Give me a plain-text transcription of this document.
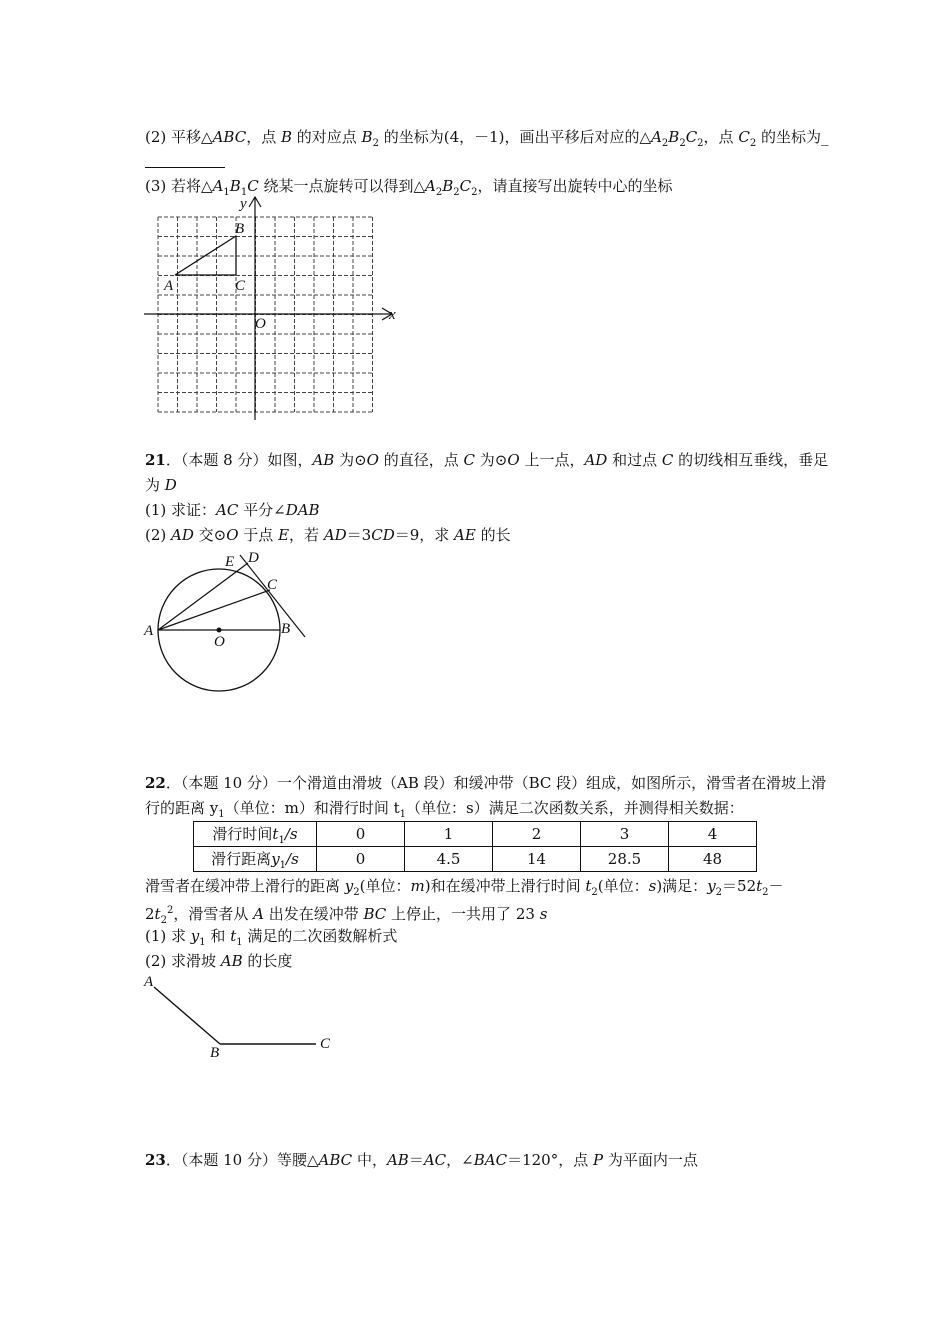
(2) 平移△ABC，点 B 的对应点 $B_2$ 的坐标为(4，－1)，画出平移后对应的$\triangle A_2B_2C_2$，点 $C_2$ 的坐标为_
(3) 若将$\triangle A_1B_1C$ 绕某一点旋转可以得到$\triangle A_2B_2C_2$，请直接写出旋转中心的坐标
y
x
A
B
C
O
21．（本题 8 分）如图，AB 为⊙O 的直径，点 C 为⊙O 上一点，AD 和过点 C 的切线相互垂线，垂足
为 D
(1) 求证：AC 平分∠DAB
(2) AD 交⊙O 于点 E，若 AD＝3CD＝9，求 AE 的长
A	B
C
D
E
O
22．（本题 10 分）一个滑道由滑坡（AB 段）和缓冲带（BC 段）组成，如图所示，滑雪者在滑坡上滑
行的距离 $y_1$（单位：m）和滑行时间 $t_1$（单位：s）满足二次函数关系，并测得相关数据：
滑行时间$t_1/s$	0	1	2	3	4
滑行距离$y_1/s$	0	4.5	14	28.5	48
滑雪者在缓冲带上滑行的距离 $y_2$(单位：m)和在缓冲带上滑行时间 $t_2$(单位：s)满足：$y_2=52t_2-$
$2t_2^2$，滑雪者从 A 出发在缓冲带 BC 上停止，一共用了 23 s
(1) 求 $y_1$ 和 $t_1$ 满足的二次函数解析式
(2) 求滑坡 AB 的长度
A
B
C
23．（本题 10 分）等腰△ABC 中，AB＝AC，∠BAC＝120°，点 P 为平面内一点
